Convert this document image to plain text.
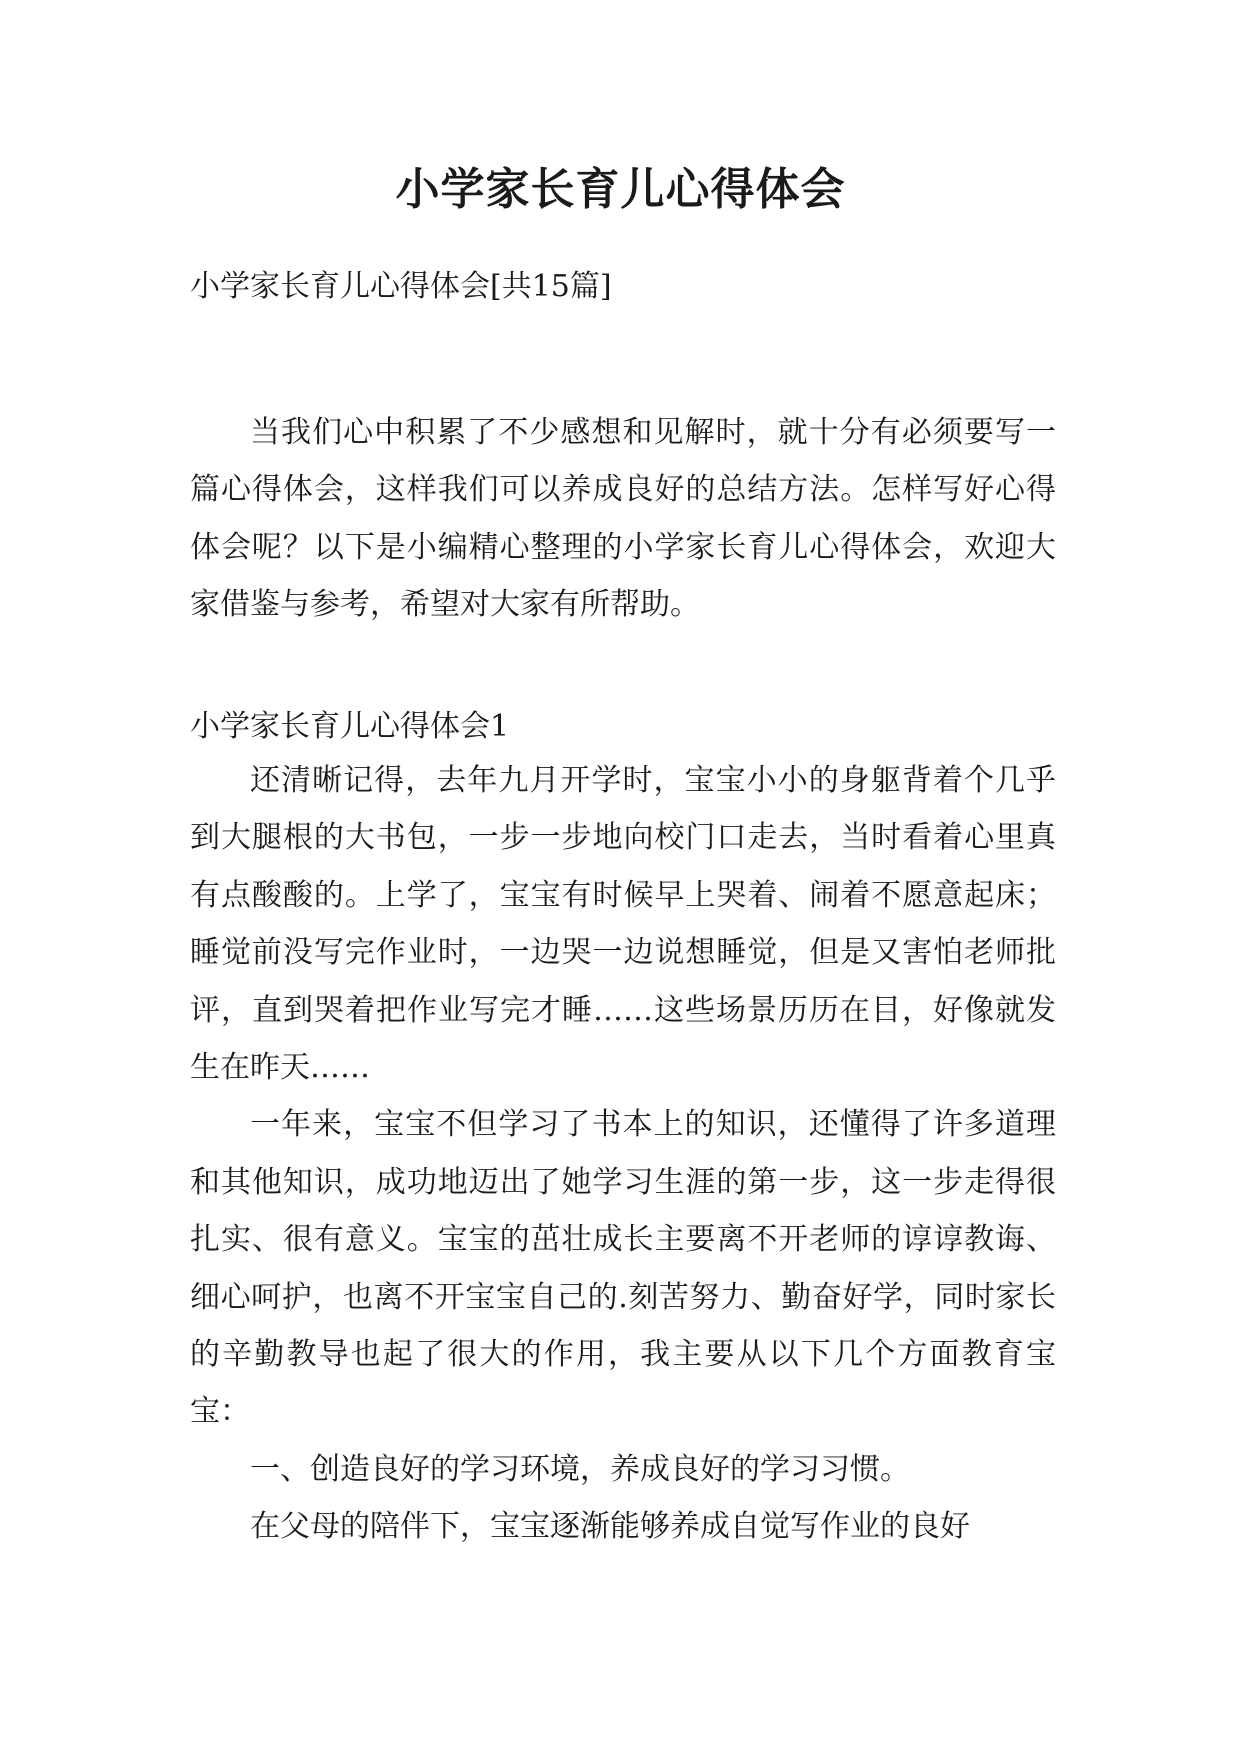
小学家长育儿心得体会
小学家长育儿心得体会[共15篇]

当我们心中积累了不少感想和见解时，就十分有必须要写一篇心得体会，这样我们可以养成良好的总结方法。怎样写好心得体会呢？以下是小编精心整理的小学家长育儿心得体会，欢迎大家借鉴与参考，希望对大家有所帮助。

小学家长育儿心得体会1

还清晰记得，去年九月开学时，宝宝小小的身躯背着个几乎到大腿根的大书包，一步一步地向校门口走去，当时看着心里真有点酸酸的。上学了，宝宝有时候早上哭着、闹着不愿意起床；睡觉前没写完作业时，一边哭一边说想睡觉，但是又害怕老师批评，直到哭着把作业写完才睡……这些场景历历在目，好像就发生在昨天……

一年来，宝宝不但学习了书本上的知识，还懂得了许多道理和其他知识，成功地迈出了她学习生涯的第一步，这一步走得很扎实、很有意义。宝宝的茁壮成长主要离不开老师的谆谆教诲、细心呵护，也离不开宝宝自己的.刻苦努力、勤奋好学，同时家长的辛勤教导也起了很大的作用，我主要从以下几个方面教育宝宝：

一、创造良好的学习环境，养成良好的学习习惯。

在父母的陪伴下，宝宝逐渐能够养成自觉写作业的良好
